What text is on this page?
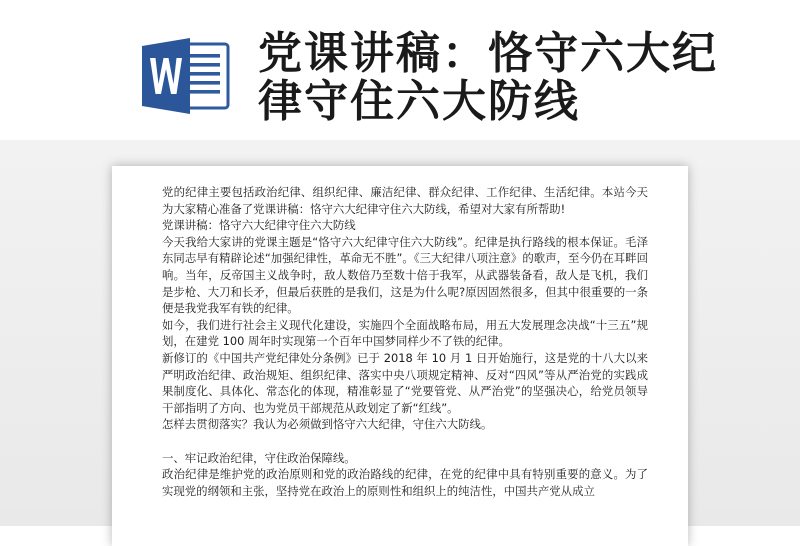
党课讲稿：恪守六大纪律守住六大防线

党的纪律主要包括政治纪律、组织纪律、廉洁纪律、群众纪律、工作纪律、生活纪律。本站今天为大家精心准备了党课讲稿：恪守六大纪律守住六大防线，希望对大家有所帮助!

党课讲稿：恪守六大纪律守住六大防线

今天我给大家讲的党课主题是“恪守六大纪律守住六大防线”。纪律是执行路线的根本保证。毛泽东同志早有精辟论述“加强纪律性，革命无不胜”。《三大纪律八项注意》的歌声，至今仍在耳畔回响。当年，反帝国主义战争时，敌人数倍乃至数十倍于我军，从武器装备看，敌人是飞机，我们是步枪、大刀和长矛，但最后获胜的是我们，这是为什么呢?原因固然很多，但其中很重要的一条便是我党我军有铁的纪律。

如今，我们进行社会主义现代化建设，实施四个全面战略布局，用五大发展理念决战“十三五”规划，在建党 100 周年时实现第一个百年中国梦同样少不了铁的纪律。

新修订的《中国共产党纪律处分条例》已于 2018 年 10 月 1 日开始施行，这是党的十八大以来严明政治纪律、政治规矩、组织纪律、落实中央八项规定精神、反对“四风”等从严治党的实践成果制度化、具体化、常态化的体现，精准彰显了“党要管党、从严治党”的坚强决心，给党员领导干部指明了方向、也为党员干部规范从政划定了新“红线”。

怎样去贯彻落实？我认为必须做到恪守六大纪律，守住六大防线。

一、牢记政治纪律，守住政治保障线。

政治纪律是维护党的政治原则和党的政治路线的纪律，在党的纪律中具有特别重要的意义。为了实现党的纲领和主张，坚持党在政治上的原则性和组织上的纯洁性，中国共产党从成立
